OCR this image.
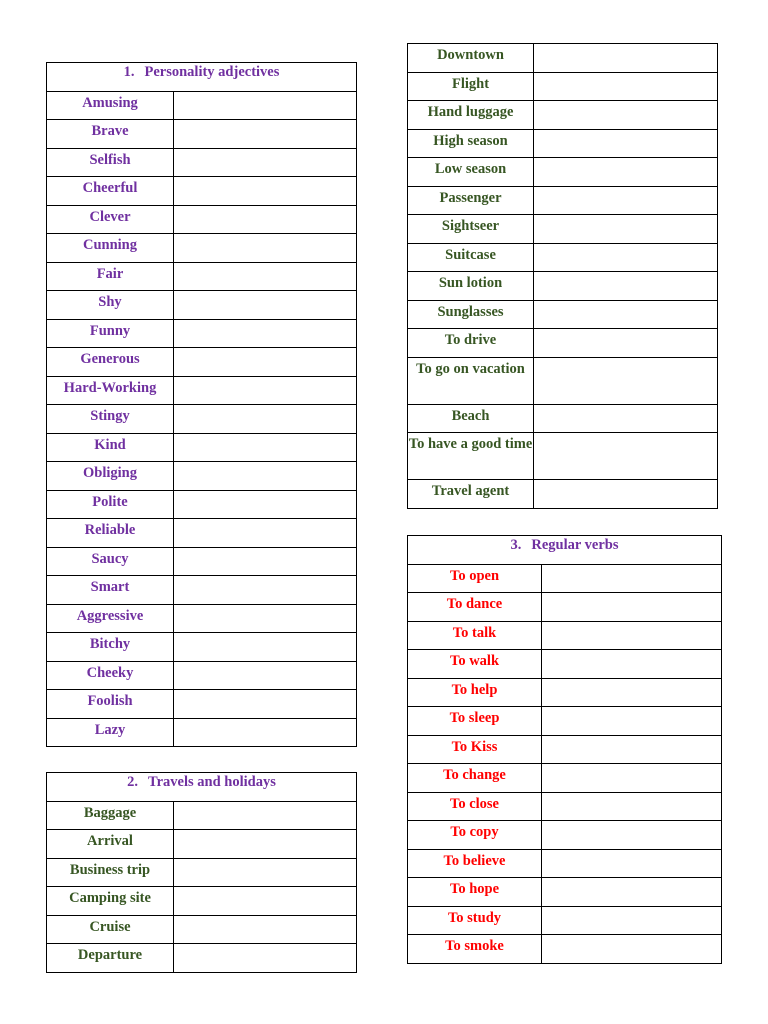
1. Personality adjectives	
Amusing	
Brave	
Selfish	
Cheerful	
Clever	
Cunning	
Fair	
Shy	
Funny	
Generous	
Hard-Working	
Stingy	
Kind	
Obliging	
Polite	
Reliable	
Saucy	
Smart	
Aggressive	
Bitchy	
Cheeky	
Foolish	
Lazy	
2. Travels and holidays	
Baggage	
Arrival	
Business trip	
Camping site	
Cruise	
Departure	
Downtown	
Flight	
Hand luggage	
High season	
Low season	
Passenger	
Sightseer	
Suitcase	
Sun lotion	
Sunglasses	
To drive	
To go on vacation	
Beach	
To have a good time	
Travel agent	
3. Regular verbs	
To open	
To dance	
To talk	
To walk	
To help	
To sleep	
To Kiss	
To change	
To close	
To copy	
To believe	
To hope	
To study	
To smoke	
